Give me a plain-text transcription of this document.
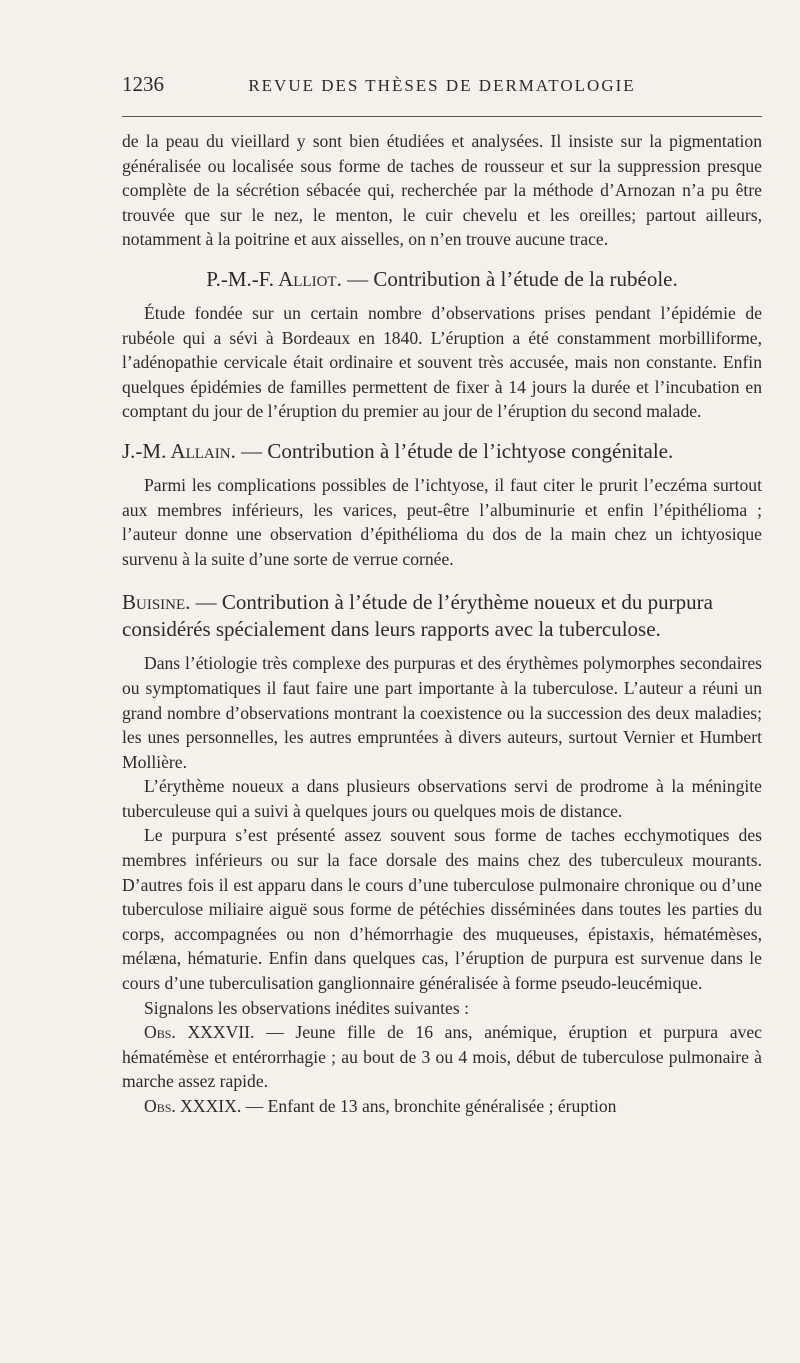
1236	REVUE DES THÈSES DE DERMATOLOGIE

de la peau du vieillard y sont bien étudiées et analysées. Il insiste sur la pigmentation généralisée ou localisée sous forme de taches de rousseur et sur la suppression presque complète de la sécrétion sébacée qui, recherchée par la méthode d’Arnozan n’a pu être trouvée que sur le nez, le menton, le cuir chevelu et les oreilles; partout ailleurs, notamment à la poitrine et aux aisselles, on n’en trouve aucune trace.

P.-M.-F. Alliot. — Contribution à l’étude de la rubéole.

Étude fondée sur un certain nombre d’observations prises pendant l’épidémie de rubéole qui a sévi à Bordeaux en 1840. L’éruption a été constamment morbilliforme, l’adénopathie cervicale était ordinaire et souvent très accusée, mais non constante. Enfin quelques épidémies de familles permettent de fixer à 14 jours la durée et l’incubation en comptant du jour de l’éruption du premier au jour de l’éruption du second malade.

J.-M. Allain. — Contribution à l’étude de l’ichtyose congénitale.

Parmi les complications possibles de l’ichtyose, il faut citer le prurit l’eczéma surtout aux membres inférieurs, les varices, peut-être l’albuminurie et enfin l’épithélioma ; l’auteur donne une observation d’épithélioma du dos de la main chez un ichtyosique survenu à la suite d’une sorte de verrue cornée.

Buisine. — Contribution à l’étude de l’érythème noueux et du purpura considérés spécialement dans leurs rapports avec la tuberculose.

Dans l’étiologie très complexe des purpuras et des érythèmes polymorphes secondaires ou symptomatiques il faut faire une part importante à la tuberculose. L’auteur a réuni un grand nombre d’observations montrant la coexistence ou la succession des deux maladies; les unes personnelles, les autres empruntées à divers auteurs, surtout Vernier et Humbert Mollière.

L’érythème noueux a dans plusieurs observations servi de prodrome à la méningite tuberculeuse qui a suivi à quelques jours ou quelques mois de distance.

Le purpura s’est présenté assez souvent sous forme de taches ecchymotiques des membres inférieurs ou sur la face dorsale des mains chez des tuberculeux mourants. D’autres fois il est apparu dans le cours d’une tuberculose pulmonaire chronique ou d’une tuberculose miliaire aiguë sous forme de pétéchies disséminées dans toutes les parties du corps, accompagnées ou non d’hémorrhagie des muqueuses, épistaxis, hématémèses, mélæna, hématurie. Enfin dans quelques cas, l’éruption de purpura est survenue dans le cours d’une tuberculisation ganglionnaire généralisée à forme pseudo-leucémique.

Signalons les observations inédites suivantes :

Obs. XXXVII. — Jeune fille de 16 ans, anémique, éruption et purpura avec hématémèse et entérorrhagie ; au bout de 3 ou 4 mois, début de tuberculose pulmonaire à marche assez rapide.

Obs. XXXIX. — Enfant de 13 ans, bronchite généralisée ; éruption
